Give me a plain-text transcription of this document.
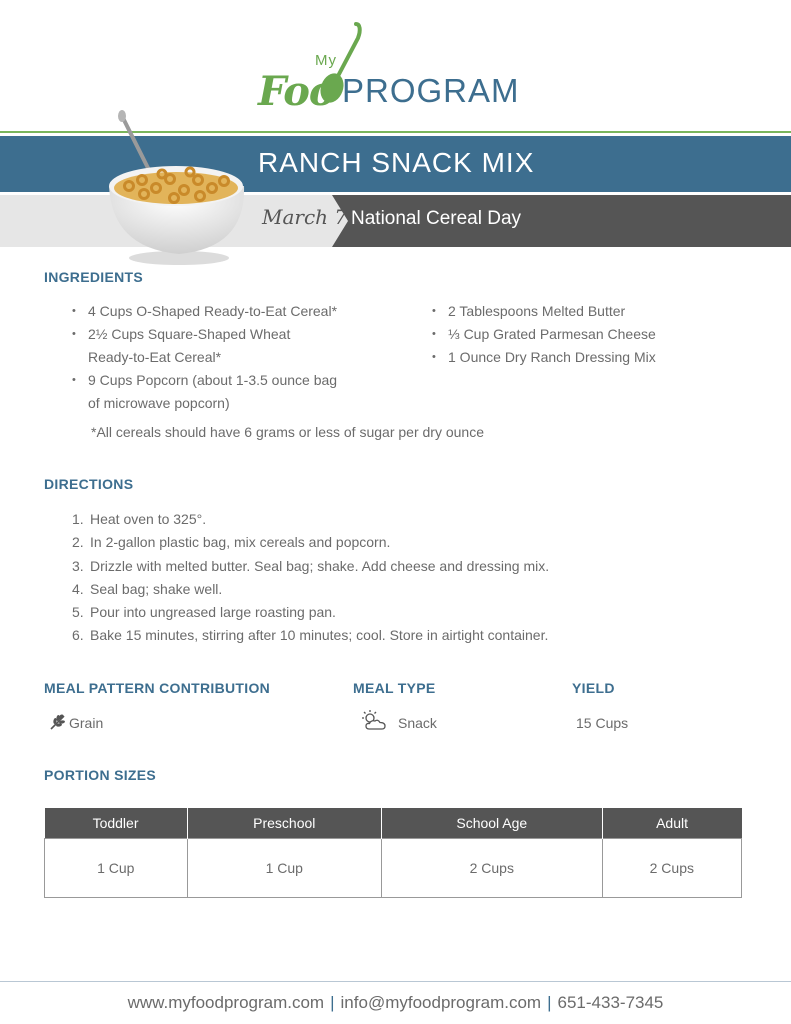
My
Foo PROGRAM
RANCH SNACK MIX
March 7 National Cereal Day
INGREDIENTS
• 4 Cups O-Shaped Ready-to-Eat Cereal*
• 2½ Cups Square-Shaped Wheat
Ready-to-Eat Cereal*
• 9 Cups Popcorn (about 1-3.5 ounce bag
of microwave popcorn)
• 2 Tablespoons Melted Butter
• ⅓ Cup Grated Parmesan Cheese
• 1 Ounce Dry Ranch Dressing Mix
*All cereals should have 6 grams or less of sugar per dry ounce
DIRECTIONS
1. Heat oven to 325°.
2. In 2-gallon plastic bag, mix cereals and popcorn.
3. Drizzle with melted butter. Seal bag; shake. Add cheese and dressing mix.
4. Seal bag; shake well.
5. Pour into ungreased large roasting pan.
6. Bake 15 minutes, stirring after 10 minutes; cool. Store in airtight container.
MEAL PATTERN CONTRIBUTION
Grain
MEAL TYPE
Snack
YIELD
15 Cups
PORTION SIZES
Toddler	Preschool	School Age	Adult
1 Cup	1 Cup	2 Cups	2 Cups
www.myfoodprogram.com | info@myfoodprogram.com | 651-433-7345
